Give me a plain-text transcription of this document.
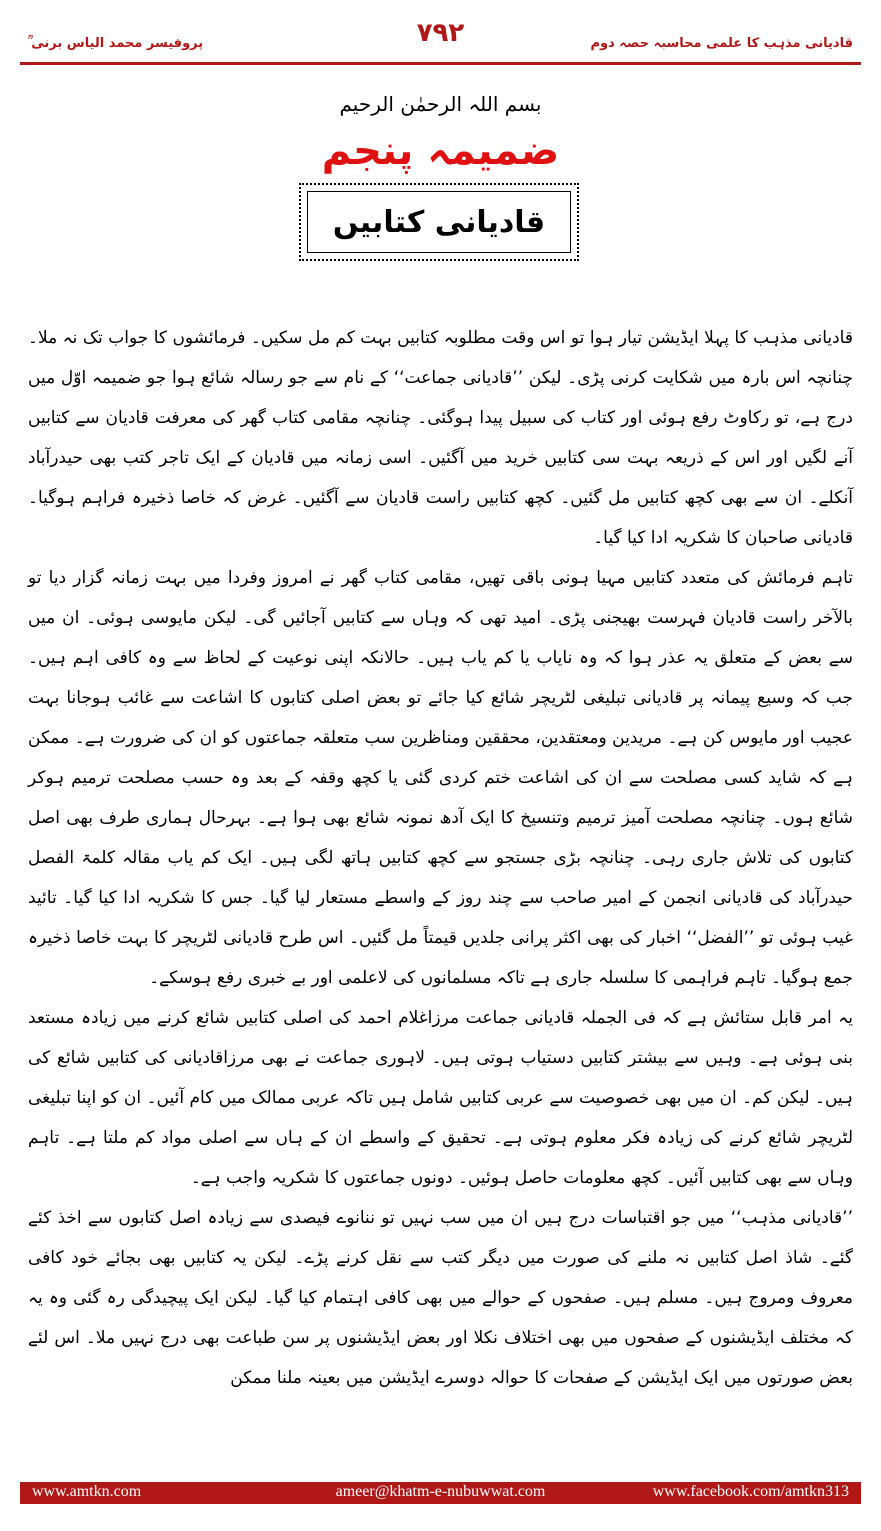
پروفیسر محمد الیاس برنی ؒ	۷۹۲	قادیانی مذہب کا علمی محاسبہ حصہ دوم
بسم اللہ الرحمٰن الرحیم
ضمیمہ پنجم
قادیانی کتابیں

قادیانی مذہب کا پہلا ایڈیشن تیار ہوا تو اس وقت مطلوبہ کتابیں بہت کم مل سکیں۔ فرمائشوں کا جواب تک نہ ملا۔ چنانچہ اس بارہ میں شکایت کرنی پڑی۔ لیکن ’’قادیانی جماعت‘‘ کے نام سے جو رسالہ شائع ہوا جو ضمیمہ اوّل میں درج ہے، تو رکاوٹ رفع ہوئی اور کتاب کی سبیل پیدا ہوگئی۔ چنانچہ مقامی کتاب گھر کی معرفت قادیان سے کتابیں آنے لگیں اور اس کے ذریعہ بہت سی کتابیں خرید میں آگئیں۔ اسی زمانہ میں قادیان کے ایک تاجر کتب بھی حیدرآباد آنکلے۔ ان سے بھی کچھ کتابیں مل گئیں۔ کچھ کتابیں راست قادیان سے آگئیں۔ غرض کہ خاصا ذخیرہ فراہم ہوگیا۔ قادیانی صاحبان کا شکریہ ادا کیا گیا۔

تاہم فرمائش کی متعدد کتابیں مہیا ہونی باقی تھیں، مقامی کتاب گھر نے امروز وفردا میں بہت زمانہ گزار دیا تو بالآخر راست قادیان فہرست بھیجنی پڑی۔ امید تھی کہ وہاں سے کتابیں آجائیں گی۔ لیکن مایوسی ہوئی۔ ان میں سے بعض کے متعلق یہ عذر ہوا کہ وہ نایاب یا کم یاب ہیں۔ حالانکہ اپنی نوعیت کے لحاظ سے وہ کافی اہم ہیں۔ جب کہ وسیع پیمانہ پر قادیانی تبلیغی لٹریچر شائع کیا جائے تو بعض اصلی کتابوں کا اشاعت سے غائب ہوجانا بہت عجیب اور مایوس کن ہے۔ مریدین ومعتقدین، محققین ومناظرین سب متعلقہ جماعتوں کو ان کی ضرورت ہے۔ ممکن ہے کہ شاید کسی مصلحت سے ان کی اشاعت ختم کردی گئی یا کچھ وقفہ کے بعد وہ حسب مصلحت ترمیم ہوکر شائع ہوں۔ چنانچہ مصلحت آمیز ترمیم وتنسیخ کا ایک آدھ نمونہ شائع بھی ہوا ہے۔ بہرحال ہماری طرف بھی اصل کتابوں کی تلاش جاری رہی۔ چنانچہ بڑی جستجو سے کچھ کتابیں ہاتھ لگی ہیں۔ ایک کم یاب مقالہ کلمۃ الفصل حیدرآباد کی قادیانی انجمن کے امیر صاحب سے چند روز کے واسطے مستعار لیا گیا۔ جس کا شکریہ ادا کیا گیا۔ تائید غیب ہوئی تو ’’الفضل‘‘ اخبار کی بھی اکثر پرانی جلدیں قیمتاً مل گئیں۔ اس طرح قادیانی لٹریچر کا بہت خاصا ذخیرہ جمع ہوگیا۔ تاہم فراہمی کا سلسلہ جاری ہے تاکہ مسلمانوں کی لاعلمی اور بے خبری رفع ہوسکے۔

یہ امر قابل ستائش ہے کہ فی الجملہ قادیانی جماعت مرزاغلام احمد کی اصلی کتابیں شائع کرنے میں زیادہ مستعد بنی ہوئی ہے۔ وہیں سے بیشتر کتابیں دستیاب ہوتی ہیں۔ لاہوری جماعت نے بھی مرزاقادیانی کی کتابیں شائع کی ہیں۔ لیکن کم۔ ان میں بھی خصوصیت سے عربی کتابیں شامل ہیں تاکہ عربی ممالک میں کام آئیں۔ ان کو اپنا تبلیغی لٹریچر شائع کرنے کی زیادہ فکر معلوم ہوتی ہے۔ تحقیق کے واسطے ان کے ہاں سے اصلی مواد کم ملتا ہے۔ تاہم وہاں سے بھی کتابیں آئیں۔ کچھ معلومات حاصل ہوئیں۔ دونوں جماعتوں کا شکریہ واجب ہے۔

’’قادیانی مذہب‘‘ میں جو اقتباسات درج ہیں ان میں سب نہیں تو ننانوے فیصدی سے زیادہ اصل کتابوں سے اخذ کئے گئے۔ شاذ اصل کتابیں نہ ملنے کی صورت میں دیگر کتب سے نقل کرنے پڑے۔ لیکن یہ کتابیں بھی بجائے خود کافی معروف ومروج ہیں۔ مسلم ہیں۔ صفحوں کے حوالے میں بھی کافی اہتمام کیا گیا۔ لیکن ایک پیچیدگی رہ گئی وہ یہ کہ مختلف ایڈیشنوں کے صفحوں میں بھی اختلاف نکلا اور بعض ایڈیشنوں پر سن طباعت بھی درج نہیں ملا۔ اس لئے بعض صورتوں میں ایک ایڈیشن کے صفحات کا حوالہ دوسرے ایڈیشن میں بعینہ ملنا ممکن

www.amtkn.com	ameer@khatm-e-nubuwwat.com	www.facebook.com/amtkn313
